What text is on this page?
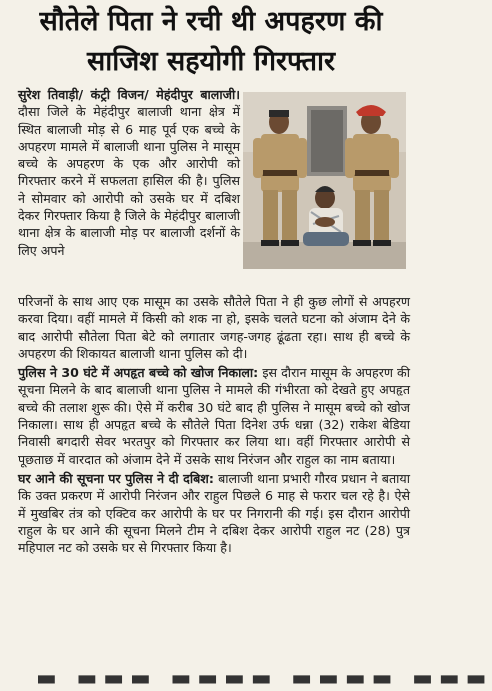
सौतेले पिता ने रची थी अपहरण की
साजिश सहयोगी गिरफ्तार

सुरेश तिवाड़ी/ कंट्री विजन/ मेहंदीपुर बालाजी। दौसा जिले के मेहंदीपुर बालाजी थाना क्षेत्र में स्थित बालाजी मोड़ से 6 माह पूर्व एक बच्चे के अपहरण मामले में बालाजी थाना पुलिस ने मासूम बच्चे के अपहरण के एक और आरोपी को गिरफ्तार करने में सफलता हासिल की है। पुलिस ने सोमवार को आरोपी को उसके घर में दबिश देकर गिरफ्तार किया है जिले के मेहंदीपुर बालाजी थाना क्षेत्र के बालाजी मोड़ पर बालाजी दर्शनों के लिए अपने

परिजनों के साथ आए एक मासूम का उसके सौतेले पिता ने ही कुछ लोगों से अपहरण करवा दिया। वहीं मामले में किसी को शक ना हो, इसके चलते घटना को अंजाम देने के बाद आरोपी सौतेला पिता बेटे को लगातार जगह-जगह ढूंढता रहा। साथ ही बच्चे के अपहरण की शिकायत बालाजी थाना पुलिस को दी।

पुलिस ने 30 घंटे में अपहृत बच्चे को खोज निकाला: इस दौरान मासूम के अपहरण की सूचना मिलने के बाद बालाजी थाना पुलिस ने मामले की गंभीरता को देखते हुए अपहृत बच्चे की तलाश शुरू की। ऐसे में करीब 30 घंटे बाद ही पुलिस ने मासूम बच्चे को खोज निकाला। साथ ही अपहृत बच्चे के सौतेले पिता दिनेश उर्फ धन्ना (32) राकेश बेडिया निवासी बगदारी सेवर भरतपुर को गिरफ्तार कर लिया था। वहीं गिरफ्तार आरोपी से पूछताछ में वारदात को अंजाम देने में उसके साथ निरंजन और राहुल का नाम बताया।

घर आने की सूचना पर पुलिस ने दी दबिश: बालाजी थाना प्रभारी गौरव प्रधान ने बताया कि उक्त प्रकरण में आरोपी निरंजन और राहुल पिछले 6 माह से फरार चल रहे है। ऐसे में मुखबिर तंत्र को एक्टिव कर आरोपी के घर पर निगरानी की गई। इस दौरान आरोपी राहुल के घर आने की सूचना मिलने टीम ने दबिश देकर आरोपी राहुल नट (28) पुत्र महिपाल नट को उसके घर से गिरफ्तार किया है।

▬ ▬▬▬ ▬▬▬▬ ▬▬▬▬ ▬▬▬
